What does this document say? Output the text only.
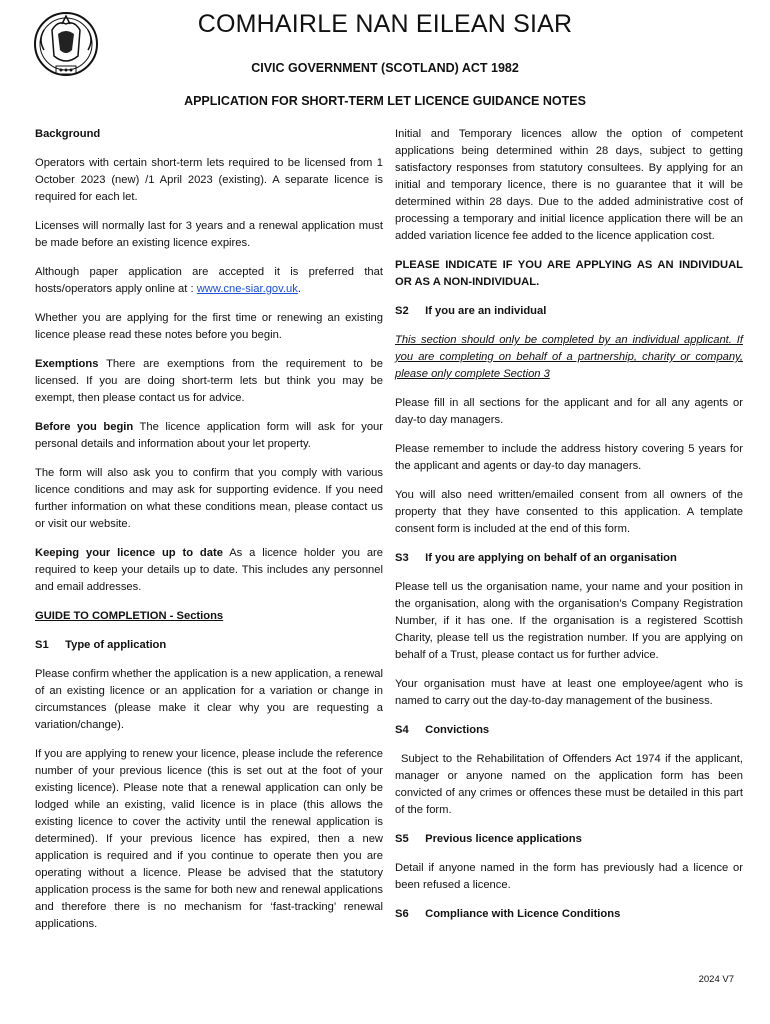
COMHAIRLE NAN EILEAN SIAR
CIVIC GOVERNMENT (SCOTLAND) ACT 1982
APPLICATION FOR SHORT-TERM LET LICENCE GUIDANCE NOTES
Background

Operators with certain short-term lets required to be licensed from 1 October 2023 (new) /1 April 2023 (existing). A separate licence is required for each let.

Licenses will normally last for 3 years and a renewal application must be made before an existing licence expires.

Although paper application are accepted it is preferred that hosts/operators apply online at : www.cne-siar.gov.uk.

Whether you are applying for the first time or renewing an existing licence please read these notes before you begin.

Exemptions There are exemptions from the requirement to be licensed. If you are doing short-term lets but think you may be exempt, then please contact us for advice.

Before you begin The licence application form will ask for your personal details and information about your let property.

The form will also ask you to confirm that you comply with various licence conditions and may ask for supporting evidence. If you need further information on what these conditions mean, please contact us or visit our website.

Keeping your licence up to date As a licence holder you are required to keep your details up to date. This includes any personnel and email addresses.

GUIDE TO COMPLETION - Sections
S1 Type of application

Please confirm whether the application is a new application, a renewal of an existing licence or an application for a variation or change in circumstances (please make it clear why you are requesting a variation/change).

If you are applying to renew your licence, please include the reference number of your previous licence (this is set out at the foot of your existing licence). Please note that a renewal application can only be lodged while an existing, valid licence is in place (this allows the existing licence to cover the activity until the renewal application is determined). If your previous licence has expired, then a new application is required and if you continue to operate then you are operating without a licence. Please be advised that the statutory application process is the same for both new and renewal applications and therefore there is no mechanism for ‘fast-tracking’ renewal applications.

Initial and Temporary licences allow the option of competent applications being determined within 28 days, subject to getting satisfactory responses from statutory consultees. By applying for an initial and temporary licence, there is no guarantee that it will be determined within 28 days. Due to the added administrative cost of processing a temporary and initial licence application there will be an added variation licence fee added to the licence application cost.

PLEASE INDICATE IF YOU ARE APPLYING AS AN INDIVIDUAL OR AS A NON-INDIVIDUAL.

S2 If you are an individual

This section should only be completed by an individual applicant. If you are completing on behalf of a partnership, charity or company, please only complete Section 3

Please fill in all sections for the applicant and for all any agents or day-to day managers.

Please remember to include the address history covering 5 years for the applicant and agents or day-to day managers.

You will also need written/emailed consent from all owners of the property that they have consented to this application. A template consent form is included at the end of this form.

S3 If you are applying on behalf of an organisation

Please tell us the organisation name, your name and your position in the organisation, along with the organisation’s Company Registration Number, if it has one. If the organisation is a registered Scottish Charity, please tell us the registration number. If you are applying on behalf of a Trust, please contact us for further advice.

Your organisation must have at least one employee/agent who is named to carry out the day-to-day management of the business.

S4 Convictions

Subject to the Rehabilitation of Offenders Act 1974 if the applicant, manager or anyone named on the application form has been convicted of any crimes or offences these must be detailed in this part of the form.

S5 Previous licence applications

Detail if anyone named in the form has previously had a licence or been refused a licence.

S6 Compliance with Licence Conditions
2024 V7
